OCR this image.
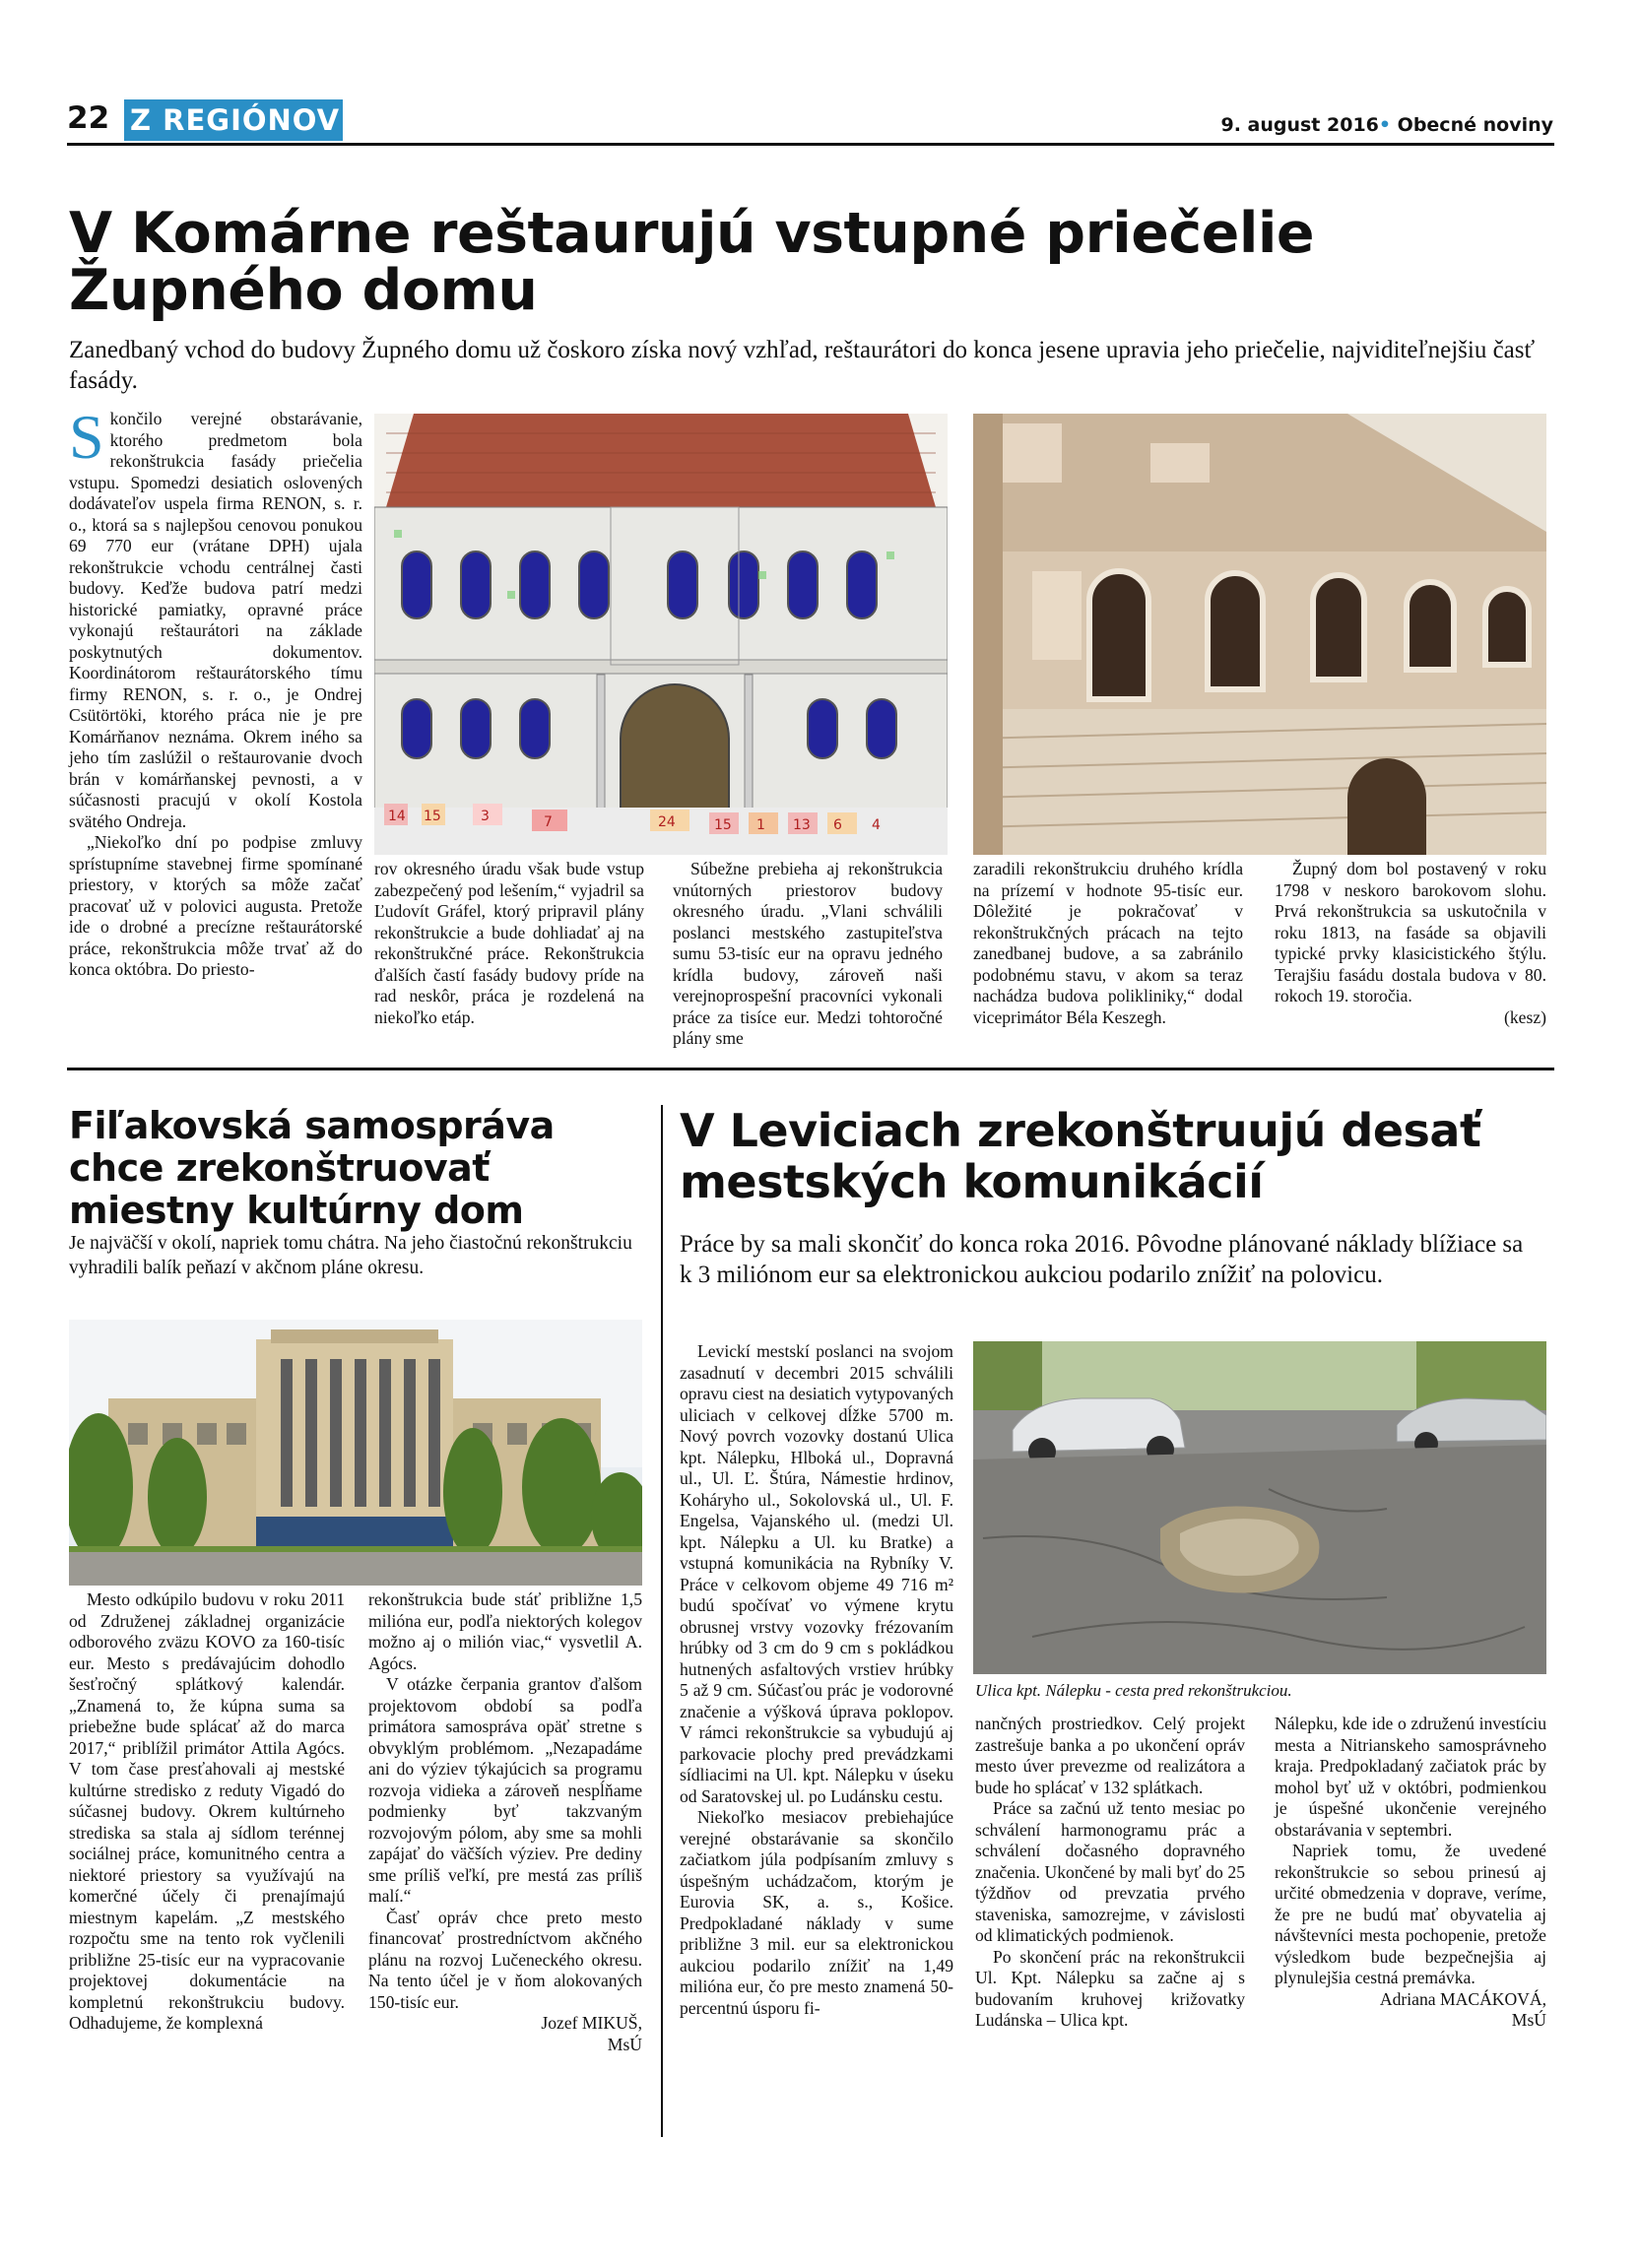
22 Z REGIÓNOV	9. august 2016• Obecné noviny
V Komárne reštaurujú vstupné priečelie Župného domu
Zanedbaný vchod do budovy Župného domu už čoskoro získa nový vzhľad, reštaurátori do konca jesene upravia jeho priečelie, najviditeľnejšiu časť fasády.

Skončilo verejné obstarávanie, ktorého predmetom bola rekonštrukcia fasády priečelia vstupu. Spomedzi desiatich oslovených dodávateľov uspela firma RENON, s. r. o., ktorá sa s najlepšou cenovou ponukou 69 770 eur (vrátane DPH) ujala rekonštrukcie vchodu centrálnej časti budovy. Keďže budova patrí medzi historické pamiatky, opravné práce vykonajú reštaurátori na základe poskytnutých dokumentov. Koordinátorom reštaurátorského tímu firmy RENON, s. r. o., je Ondrej Csütörtöki, ktorého práca nie je pre Komárňanov neznáma. Okrem iného sa jeho tím zaslúžil o reštaurovanie dvoch brán v komárňanskej pevnosti, a v súčasnosti pracujú v okolí Kostola svätého Ondreja.

„Niekoľko dní po podpise zmluvy sprístupníme stavebnej firme spomínané priestory, v ktorých sa môže začať pracovať už v polovici augusta. Pretože ide o drobné a precízne reštaurátorské práce, rekonštrukcia môže trvať až do konca októbra. Do priesto-

14 15	3	7	24	15 1 13 6 4

rov okresného úradu však bude vstup zabezpečený pod lešením,“ vyjadril sa Ľudovít Gráfel, ktorý pripravil plány rekonštrukcie a bude dohliadať aj na rekonštrukčné práce. Rekonštrukcia ďalších častí fasády budovy príde na rad neskôr, práca je rozdelená na niekoľko etáp.

Súbežne prebieha aj rekonštrukcia vnútorných priestorov budovy okresného úradu. „Vlani schválili poslanci mestského zastupiteľstva sumu 53-tisíc eur na opravu jedného krídla budovy, zároveň naši verejnoprospešní pracovníci vykonali práce za tisíce eur. Medzi tohtoročné plány sme

zaradili rekonštrukciu druhého krídla na prízemí v hodnote 95-tisíc eur. Dôležité je pokračovať v rekonštrukčných prácach na tejto zanedbanej budove, a sa zabránilo podobnému stavu, v akom sa teraz nachádza budova polikliniky,“ dodal viceprimátor Béla Keszegh.

Župný dom bol postavený v roku 1798 v neskoro barokovom slohu. Prvá rekonštrukcia sa uskutočnila v roku 1813, na fasáde sa objavili typické prvky klasicistického štýlu. Terajšiu fasádu dostala budova v 80. rokoch 19. storočia.

(kesz)
Fiľakovská samospráva chce zrekonštruovať miestny kultúrny dom
Je najväčší v okolí, napriek tomu chátra. Na jeho čiastočnú rekonštrukciu vyhradili balík peňazí v akčnom pláne okresu.

Mesto odkúpilo budovu v roku 2011 od Združenej základnej organizácie odborového zväzu KOVO za 160-tisíc eur. Mesto s predávajúcim dohodlo šesťročný splátkový kalendár. „Znamená to, že kúpna suma sa priebežne bude splácať až do marca 2017,“ priblížil primátor Attila Agócs. V tom čase presťahovali aj mestské kultúrne stredisko z reduty Vigadó do súčasnej budovy. Okrem kultúrneho strediska sa stala aj sídlom terénnej sociálnej práce, komunitného centra a niektoré priestory sa využívajú na komerčné účely či prenajímajú miestnym kapelám. „Z mestského rozpočtu sme na tento rok vyčlenili približne 25-tisíc eur na vypracovanie projektovej dokumentácie na kompletnú rekonštrukciu budovy. Odhadujeme, že komplexná

rekonštrukcia bude stáť približne 1,5 milióna eur, podľa niektorých kolegov možno aj o milión viac,“ vysvetlil A. Agócs.

V otázke čerpania grantov ďalšom projektovom období sa podľa primátora samospráva opäť stretne s obvyklým problémom. „Nezapadáme ani do výziev týkajúcich sa programu rozvoja vidieka a zároveň nespĺňame podmienky byť takzvaným rozvojovým pólom, aby sme sa mohli zapájať do väčších výziev. Pre dediny sme príliš veľkí, pre mestá zas príliš malí.“

Časť opráv chce preto mesto financovať prostredníctvom akčného plánu na rozvoj Lučeneckého okresu. Na tento účel je v ňom alokovaných 150-tisíc eur.

Jozef MIKUŠ,
MsÚ
V Leviciach zrekonštruujú desať mestských komunikácií
Práce by sa mali skončiť do konca roka 2016. Pôvodne plánované náklady blížiace sa k 3 miliónom eur sa elektronickou aukciou podarilo znížiť na polovicu.

Levickí mestskí poslanci na svojom zasadnutí v decembri 2015 schválili opravu ciest na desiatich vytypovaných uliciach v celkovej dĺžke 5700 m. Nový povrch vozovky dostanú Ulica kpt. Nálepku, Hlboká ul., Dopravná ul., Ul. Ľ. Štúra, Námestie hrdinov, Koháryho ul., Sokolovská ul., Ul. F. Engelsa, Vajanského ul. (medzi Ul. kpt. Nálepku a Ul. ku Bratke) a vstupná komunikácia na Rybníky V. Práce v celkovom objeme 49 716 m² budú spočívať vo výmene krytu obrusnej vrstvy vozovky frézovaním hrúbky od 3 cm do 9 cm s pokládkou hutnených asfaltových vrstiev hrúbky 5 až 9 cm. Súčasťou prác je vodorovné značenie a výšková úprava poklopov. V rámci rekonštrukcie sa vybudujú aj parkovacie plochy pred prevádzkami sídliacimi na Ul. kpt. Nálepku v úseku od Saratovskej ul. po Ludánsku cestu.

Niekoľko mesiacov prebiehajúce verejné obstarávanie sa skončilo začiatkom júla podpísaním zmluvy s úspešným uchádzačom, ktorým je Eurovia SK, a. s., Košice. Predpokladané náklady v sume približne 3 mil. eur sa elektronickou aukciou podarilo znížiť na 1,49 milióna eur, čo pre mesto znamená 50-percentnú úsporu fi-

Ulica kpt. Nálepku - cesta pred rekonštrukciou.

nančných prostriedkov. Celý projekt zastrešuje banka a po ukončení opráv mesto úver prevezme od realizátora a bude ho splácať v 132 splátkach.

Práce sa začnú už tento mesiac po schválení harmonogramu prác a schválení dočasného dopravného značenia. Ukončené by mali byť do 25 týždňov od prevzatia prvého staveniska, samozrejme, v závislosti od klimatických podmienok.

Po skončení prác na rekonštrukcii Ul. Kpt. Nálepku sa začne aj s budovaním kruhovej križovatky Ludánska – Ulica kpt.

Nálepku, kde ide o združenú investíciu mesta a Nitrianskeho samosprávneho kraja. Predpokladaný začiatok prác by mohol byť už v októbri, podmienkou je úspešné ukončenie verejného obstarávania v septembri.

Napriek tomu, že uvedené rekonštrukcie so sebou prinesú aj určité obmedzenia v doprave, veríme, že pre ne budú mať obyvatelia aj návštevníci mesta pochopenie, pretože výsledkom bude bezpečnejšia aj plynulejšia cestná premávka.

Adriana MACÁKOVÁ,
MsÚ
